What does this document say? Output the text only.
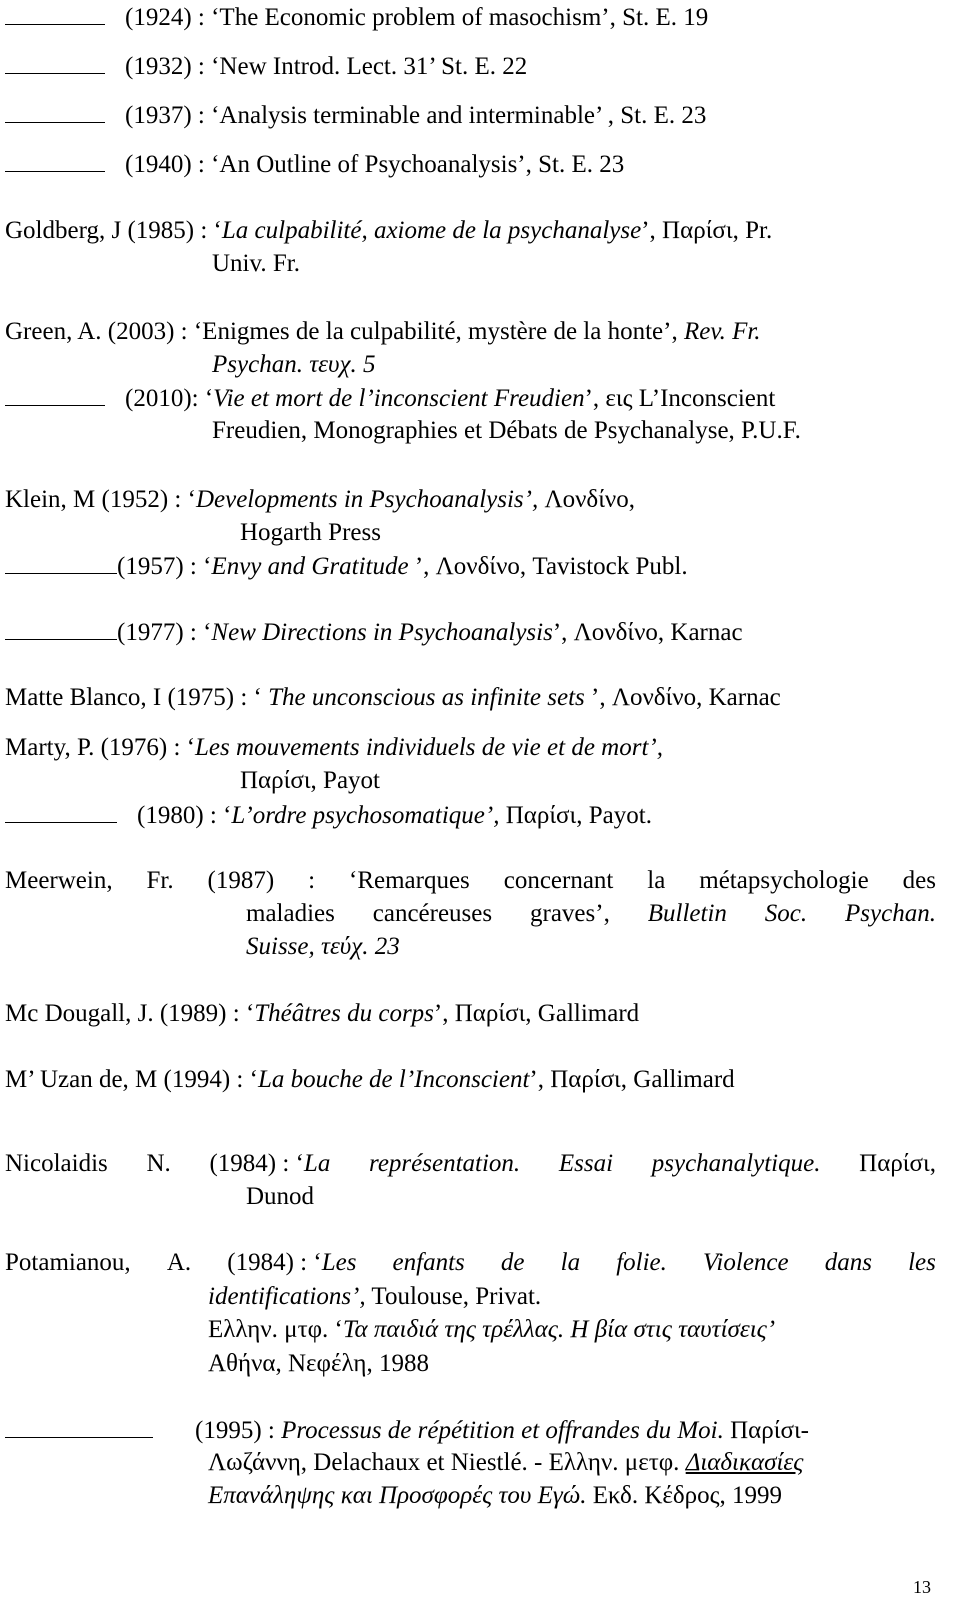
(1924) : ‘The Economic problem of masochism’, St. E. 19
(1932) : ‘New Introd. Lect. 31’ St. E. 22
(1937) : ‘Analysis terminable and interminable’ , St. E. 23
(1940) : ‘An Outline of Psychoanalysis’, St. E. 23
Goldberg, J (1985) : ‘La culpabilité, axiome de la psychanalyse’, Παρίσι, Pr.
Univ. Fr.
Green, A. (2003) : ‘Enigmes de la culpabilité, mystère de la honte’, Rev. Fr.
Psychan. τευχ. 5
(2010): ‘Vie et mort de l’inconscient Freudien’, εις L’Inconscient
Freudien, Monographies et Débats de Psychanalyse, P.U.F.
Klein, M (1952) : ‘Developments in Psychoanalysis’, Λονδίνο,
Hogarth Press
(1957) : ‘Envy and Gratitude ’, Λονδίνο, Tavistock Publ.
(1977) : ‘New Directions in Psychoanalysis’, Λονδίνο, Karnac
Matte Blanco, I (1975) : ‘ The unconscious as infinite sets ’, Λονδίνο, Karnac
Marty, P. (1976) : ‘Les mouvements individuels de vie et de mort’,
Παρίσι, Payot
(1980) : ‘L’ordre psychosomatique’, Παρίσι, Payot.
Meerwein, Fr. (1987) : ‘Remarques concernant la métapsychologie des
maladies cancéreuses graves’, Bulletin Soc. Psychan.
Suisse, τεύχ. 23
Mc Dougall, J. (1989) : ‘Théâtres du corps’, Παρίσι, Gallimard
M’ Uzan de, M (1994) : ‘La bouche de l’Inconscient’, Παρίσι, Gallimard
Nicolaidis N. (1984) : ‘La représentation. Essai psychanalytique. Παρίσι,
Dunod
Potamianou, A. (1984) : ‘Les enfants de la folie. Violence dans les
identifications’, Toulouse, Privat.
Ελλην. μτφ. ‘Τα παιδιά της τρέλλας. Η βία στις ταυτίσεις’
Αθήνα, Νεφέλη, 1988
(1995) : Processus de répétition et offrandes du Moi. Παρίσι-
Λωζάννη, Delachaux et Niestlé. - Ελλην. μετφ. Διαδικασίες
Επανάληψης και Προσφορές του Εγώ. Εκδ. Κέδρος, 1999
13
